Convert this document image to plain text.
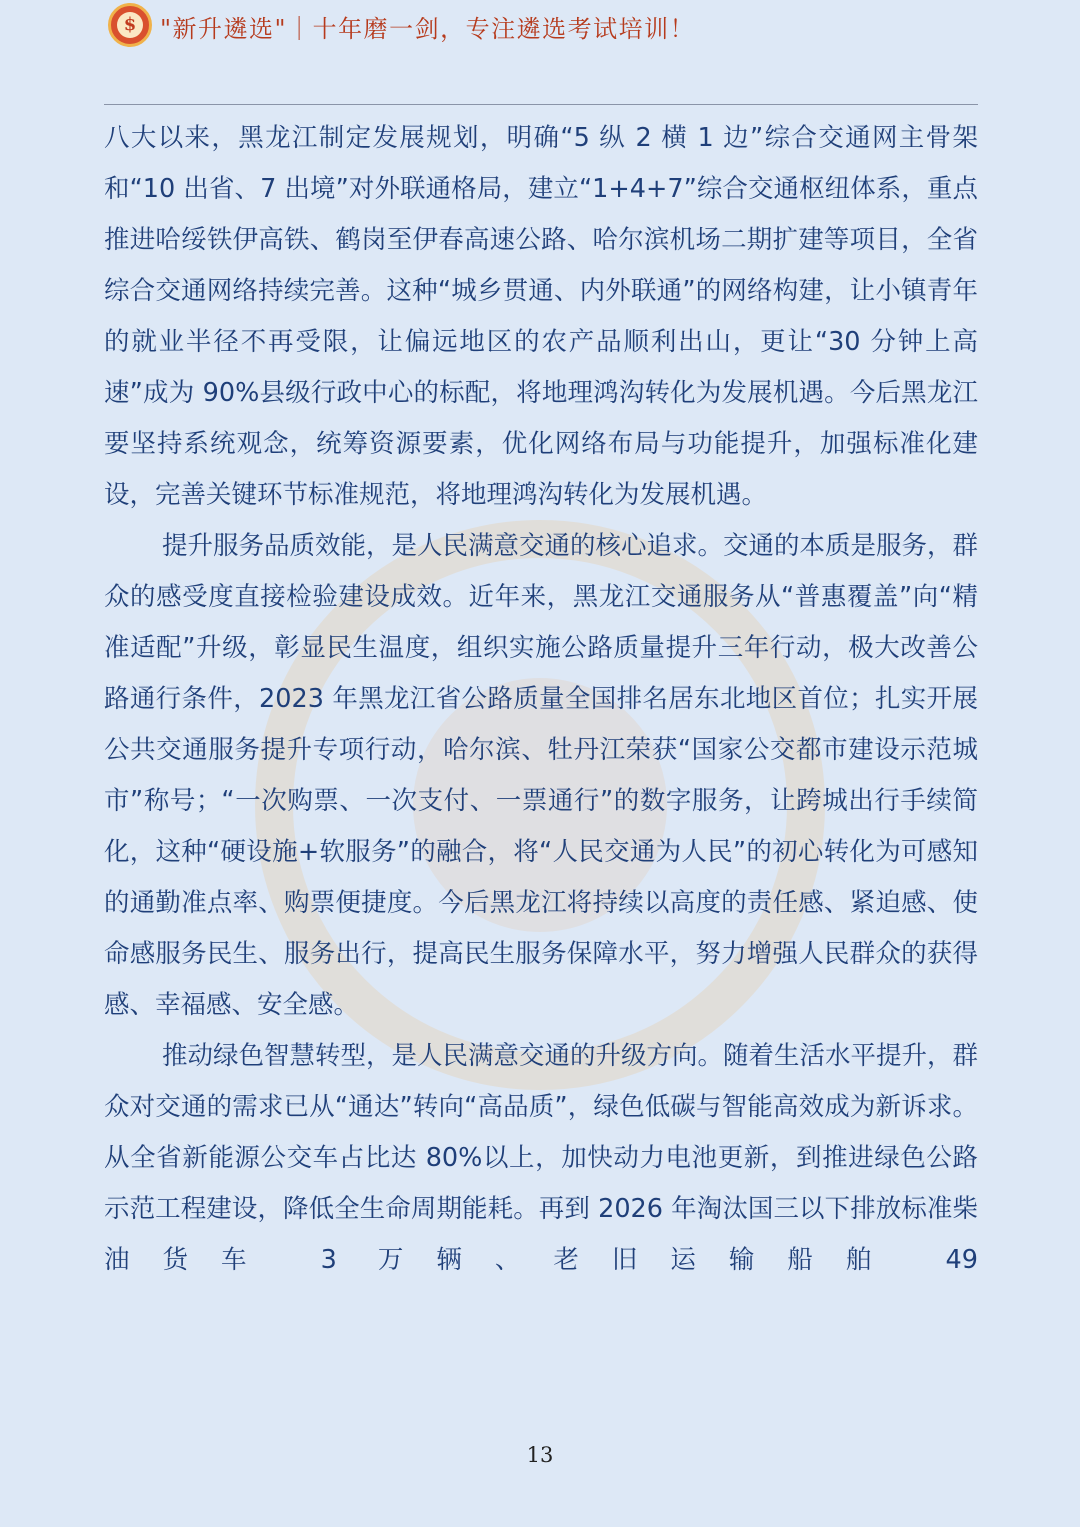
$ "新升遴选"｜十年磨一剑，专注遴选考试培训！

八大以来，黑龙江制定发展规划，明确“5 纵 2 横 1 边”综合交通网主骨架和“10 出省、7 出境”对外联通格局，建立“1+4+7”综合交通枢纽体系，重点推进哈绥铁伊高铁、鹤岗至伊春高速公路、哈尔滨机场二期扩建等项目，全省综合交通网络持续完善。这种“城乡贯通、内外联通”的网络构建，让小镇青年的就业半径不再受限，让偏远地区的农产品顺利出山，更让“30 分钟上高速”成为 90%县级行政中心的标配，将地理鸿沟转化为发展机遇。今后黑龙江要坚持系统观念，统筹资源要素，优化网络布局与功能提升，加强标准化建设，完善关键环节标准规范，将地理鸿沟转化为发展机遇。

提升服务品质效能，是人民满意交通的核心追求。交通的本质是服务，群众的感受度直接检验建设成效。近年来，黑龙江交通服务从“普惠覆盖”向“精准适配”升级，彰显民生温度，组织实施公路质量提升三年行动，极大改善公路通行条件，2023 年黑龙江省公路质量全国排名居东北地区首位；扎实开展公共交通服务提升专项行动，哈尔滨、牡丹江荣获“国家公交都市建设示范城市”称号；“一次购票、一次支付、一票通行”的数字服务，让跨城出行手续简化，这种“硬设施+软服务”的融合，将“人民交通为人民”的初心转化为可感知的通勤准点率、购票便捷度。今后黑龙江将持续以高度的责任感、紧迫感、使命感服务民生、服务出行，提高民生服务保障水平，努力增强人民群众的获得感、幸福感、安全感。

推动绿色智慧转型，是人民满意交通的升级方向。随着生活水平提升，群众对交通的需求已从“通达”转向“高品质”，绿色低碳与智能高效成为新诉求。从全省新能源公交车占比达 80%以上，加快动力电池更新，到推进绿色公路示范工程建设，降低全生命周期能耗。再到 2026 年淘汰国三以下排放标准柴油货车 3 万辆、老旧运输船舶 49

13
